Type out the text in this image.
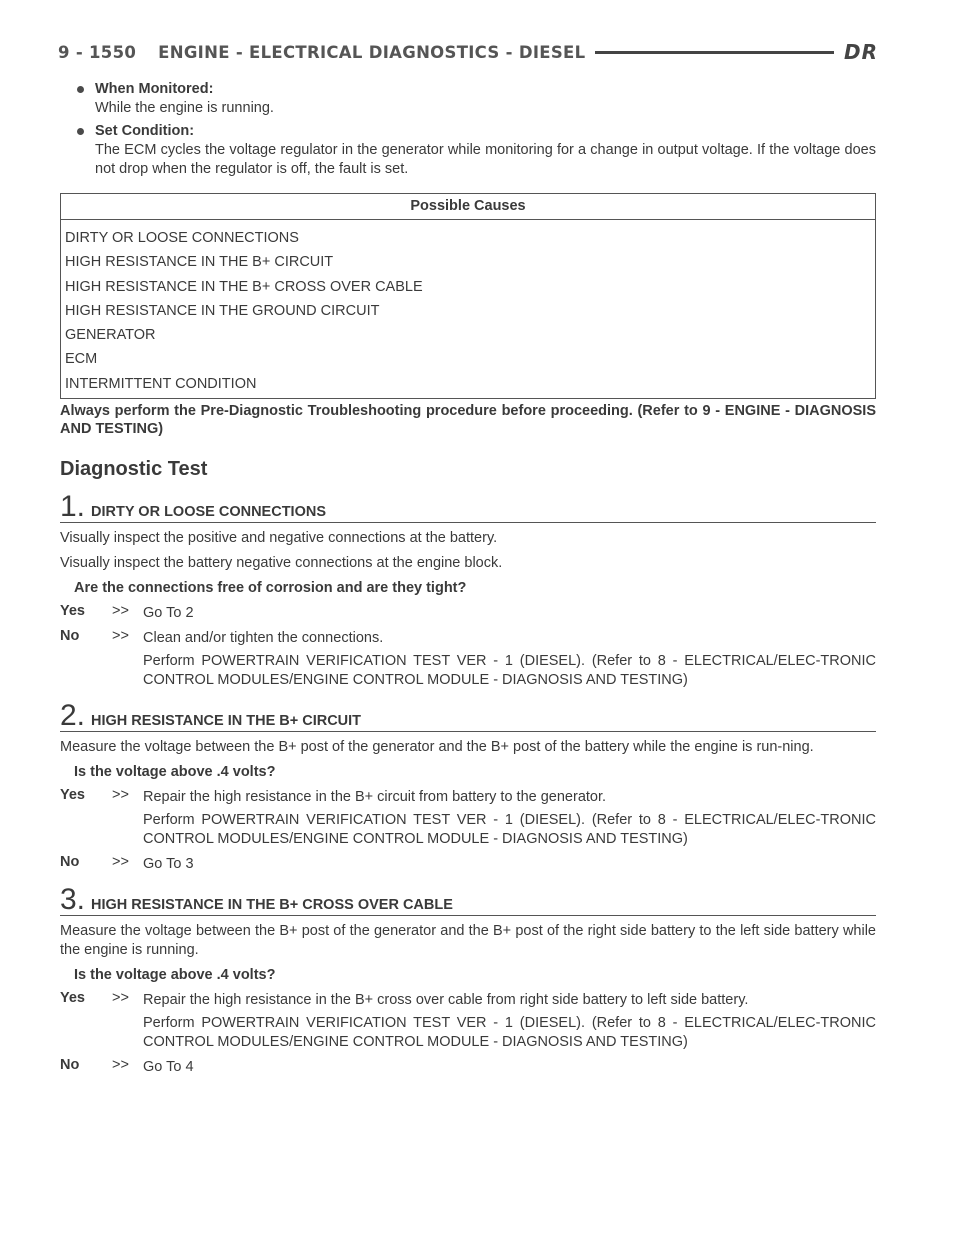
9 - 1550 ENGINE - ELECTRICAL DIAGNOSTICS - DIESEL	DR
When Monitored:
While the engine is running.
Set Condition:
The ECM cycles the voltage regulator in the generator while monitoring for a change in output voltage. If the voltage does not drop when the regulator is off, the fault is set.
Possible Causes
DIRTY OR LOOSE CONNECTIONS
HIGH RESISTANCE IN THE B+ CIRCUIT
HIGH RESISTANCE IN THE B+ CROSS OVER CABLE
HIGH RESISTANCE IN THE GROUND CIRCUIT
GENERATOR
ECM
INTERMITTENT CONDITION
Always perform the Pre-Diagnostic Troubleshooting procedure before proceeding. (Refer to 9 - ENGINE - DIAGNOSIS AND TESTING)
Diagnostic Test
1. DIRTY OR LOOSE CONNECTIONS
Visually inspect the positive and negative connections at the battery.
Visually inspect the battery negative connections at the engine block.
Are the connections free of corrosion and are they tight?
Yes >> Go To 2
No >> Clean and/or tighten the connections.
Perform POWERTRAIN VERIFICATION TEST VER - 1 (DIESEL). (Refer to 8 - ELECTRICAL/ELEC-TRONIC CONTROL MODULES/ENGINE CONTROL MODULE - DIAGNOSIS AND TESTING)
2. HIGH RESISTANCE IN THE B+ CIRCUIT
Measure the voltage between the B+ post of the generator and the B+ post of the battery while the engine is run-ning.
Is the voltage above .4 volts?
Yes >> Repair the high resistance in the B+ circuit from battery to the generator.
Perform POWERTRAIN VERIFICATION TEST VER - 1 (DIESEL). (Refer to 8 - ELECTRICAL/ELEC-TRONIC CONTROL MODULES/ENGINE CONTROL MODULE - DIAGNOSIS AND TESTING)
No >> Go To 3
3. HIGH RESISTANCE IN THE B+ CROSS OVER CABLE
Measure the voltage between the B+ post of the generator and the B+ post of the right side battery to the left side battery while the engine is running.
Is the voltage above .4 volts?
Yes >> Repair the high resistance in the B+ cross over cable from right side battery to left side battery.
Perform POWERTRAIN VERIFICATION TEST VER - 1 (DIESEL). (Refer to 8 - ELECTRICAL/ELEC-TRONIC CONTROL MODULES/ENGINE CONTROL MODULE - DIAGNOSIS AND TESTING)
No >> Go To 4
